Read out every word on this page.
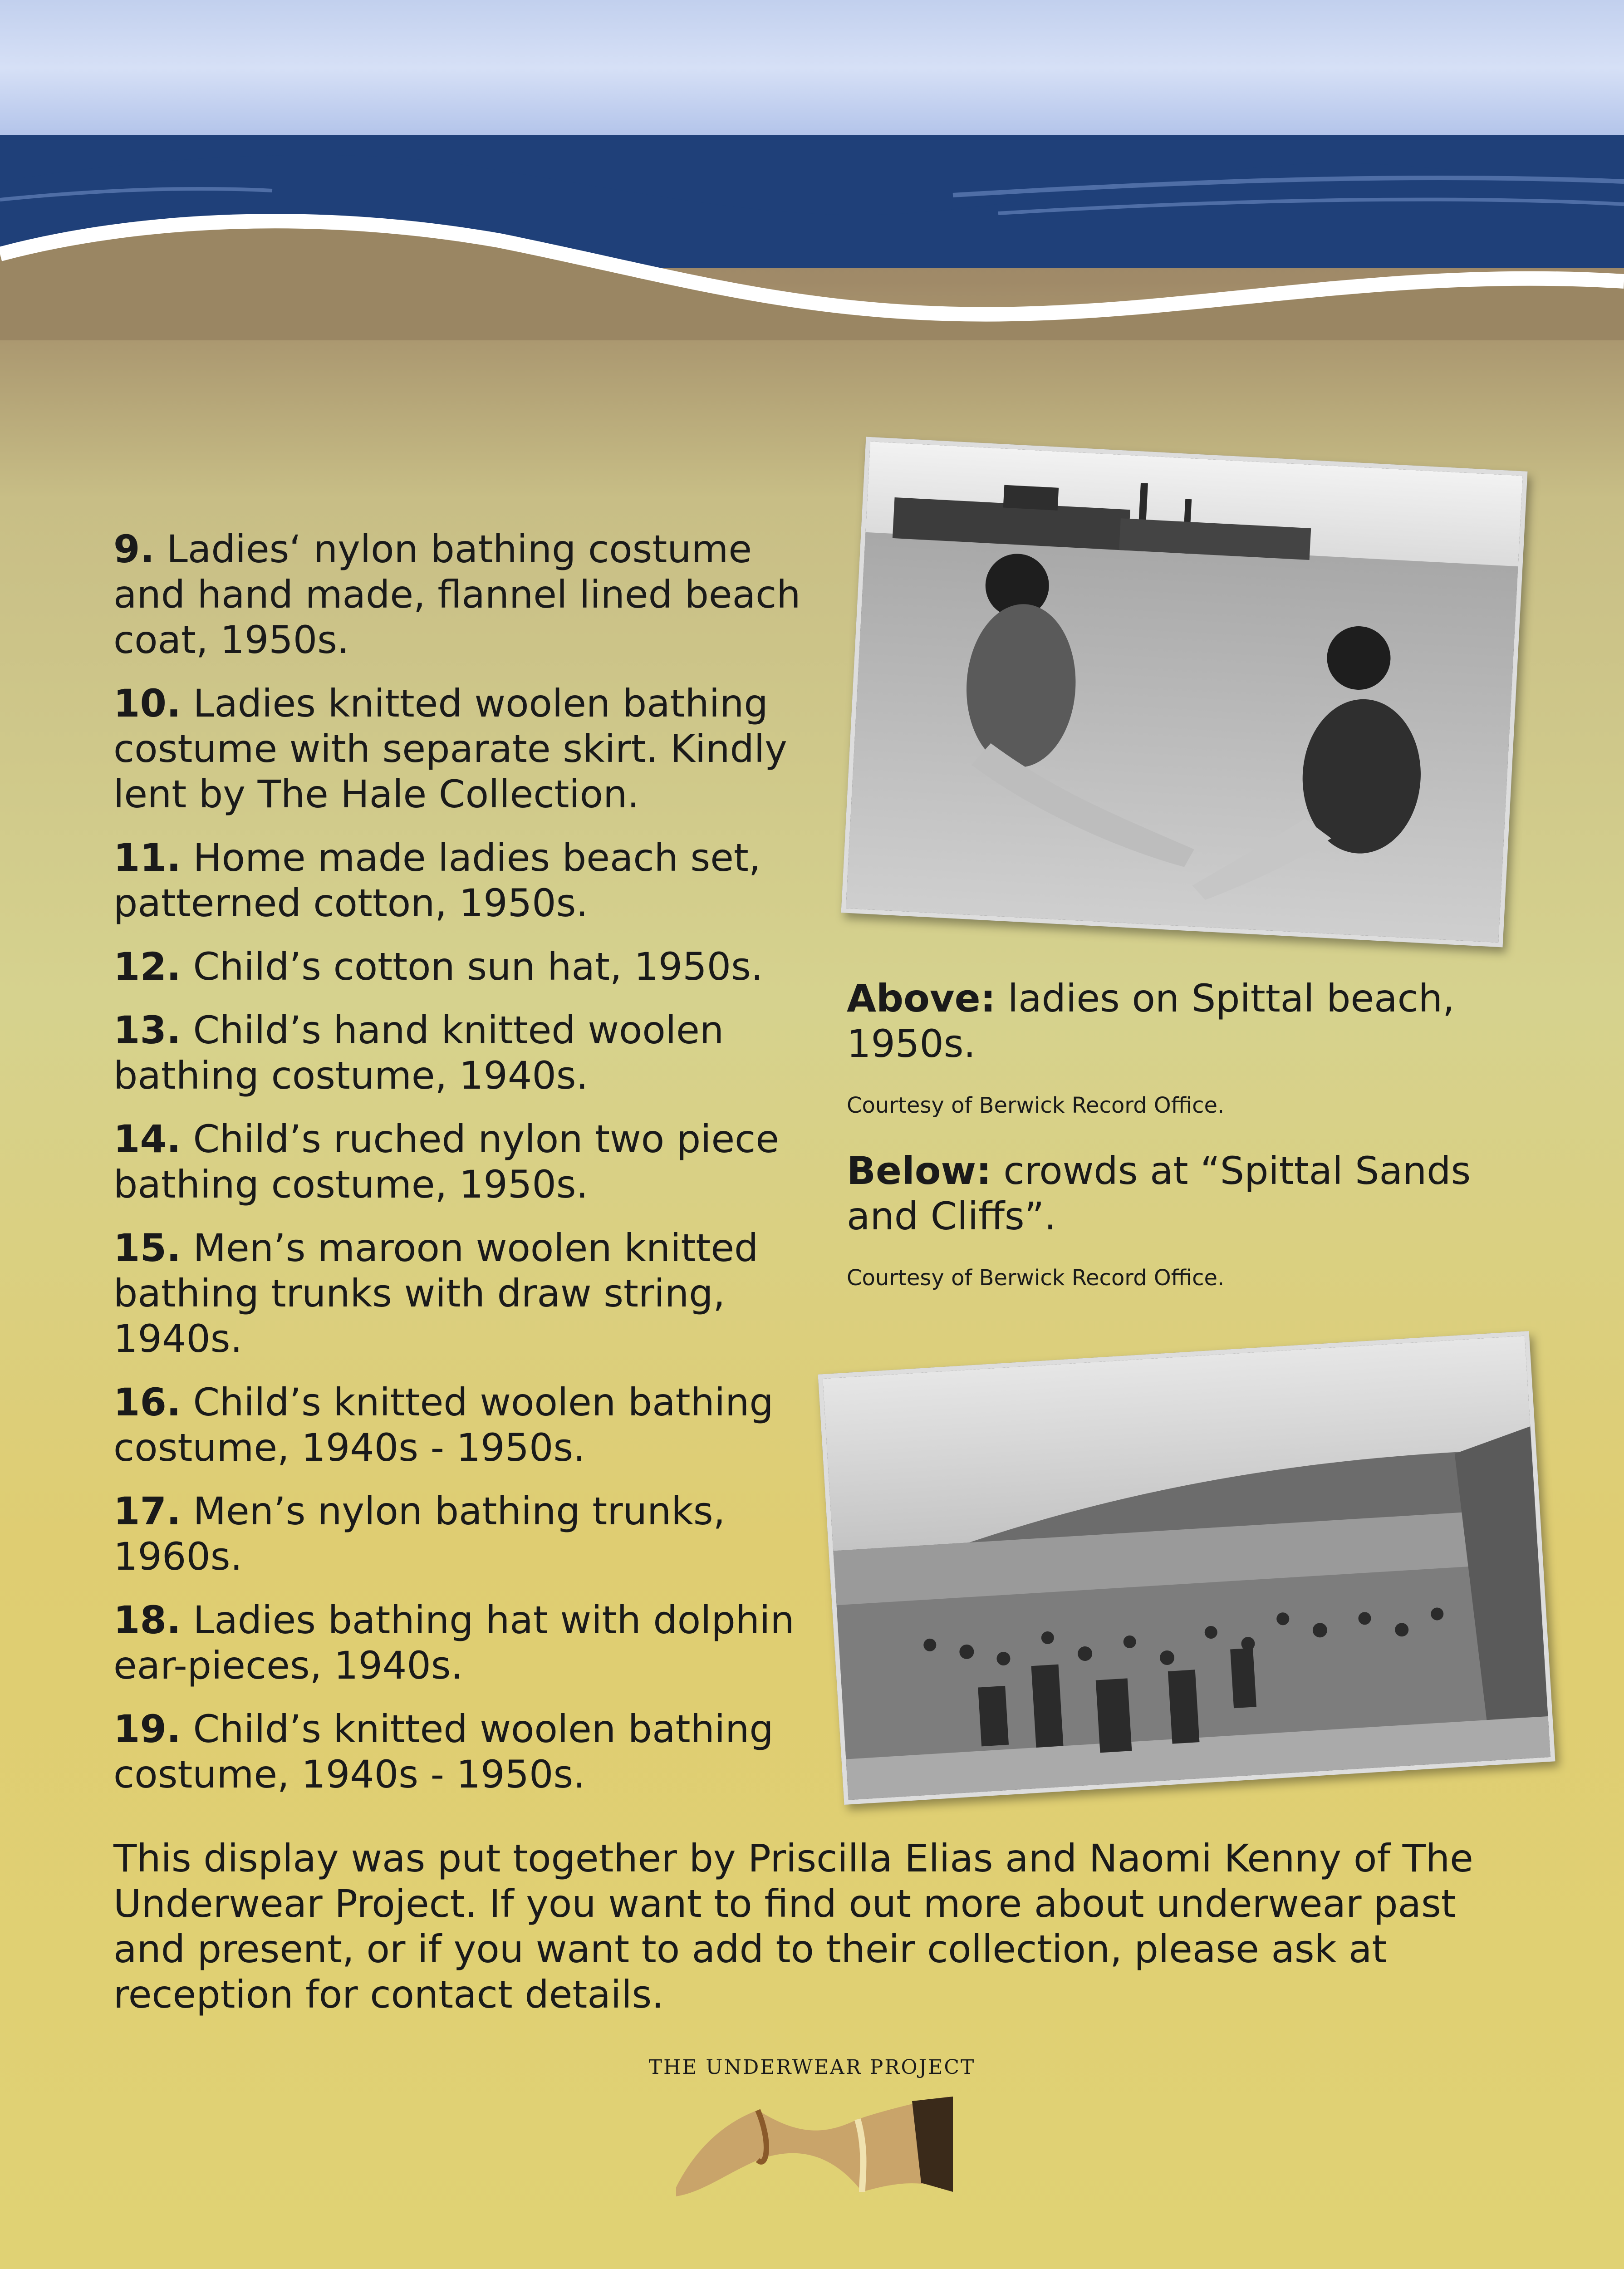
9. Ladies‘ nylon bathing costume and hand made, flannel lined beach coat, 1950s.
10. Ladies knitted woolen bathing costume with separate skirt. Kindly lent by The Hale Collection.
11. Home made ladies beach set, patterned cotton, 1950s.
12. Child’s cotton sun hat, 1950s.
13. Child’s hand knitted woolen bathing costume, 1940s.
14. Child’s ruched nylon two piece bathing costume, 1950s.
15. Men’s maroon woolen knitted bathing trunks with draw string, 1940s.
16. Child’s knitted woolen bathing costume, 1940s - 1950s.
17. Men’s nylon bathing trunks, 1960s.
18. Ladies bathing hat with dolphin ear-pieces, 1940s.
19. Child’s knitted woolen bathing costume, 1940s - 1950s.
Above: ladies on Spittal beach, 1950s.
Courtesy of Berwick Record Office.
Below: crowds at “Spittal Sands and Cliffs”.
Courtesy of Berwick Record Office.
This display was put together by Priscilla Elias and Naomi Kenny of The Underwear Project. If you want to find out more about underwear past and present, or if you want to add to their collection, please ask at reception for contact details.
THE UNDERWEAR PROJECT
